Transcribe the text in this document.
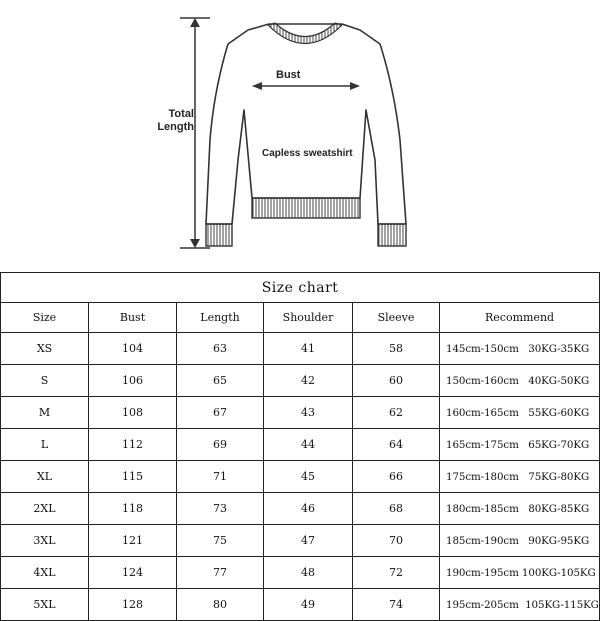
Total
Length
Bust
Capless sweatshirt
Size chart					
Size	Bust	Length	Shoulder	Sleeve	Recommend
XS	104	63	41	58	145cm-150cm   30KG-35KG
S	106	65	42	60	150cm-160cm   40KG-50KG
M	108	67	43	62	160cm-165cm   55KG-60KG
L	112	69	44	64	165cm-175cm   65KG-70KG
XL	115	71	45	66	175cm-180cm   75KG-80KG
2XL	118	73	46	68	180cm-185cm   80KG-85KG
3XL	121	75	47	70	185cm-190cm   90KG-95KG
4XL	124	77	48	72	190cm-195cm 100KG-105KG
5XL	128	80	49	74	195cm-205cm  105KG-115KG
